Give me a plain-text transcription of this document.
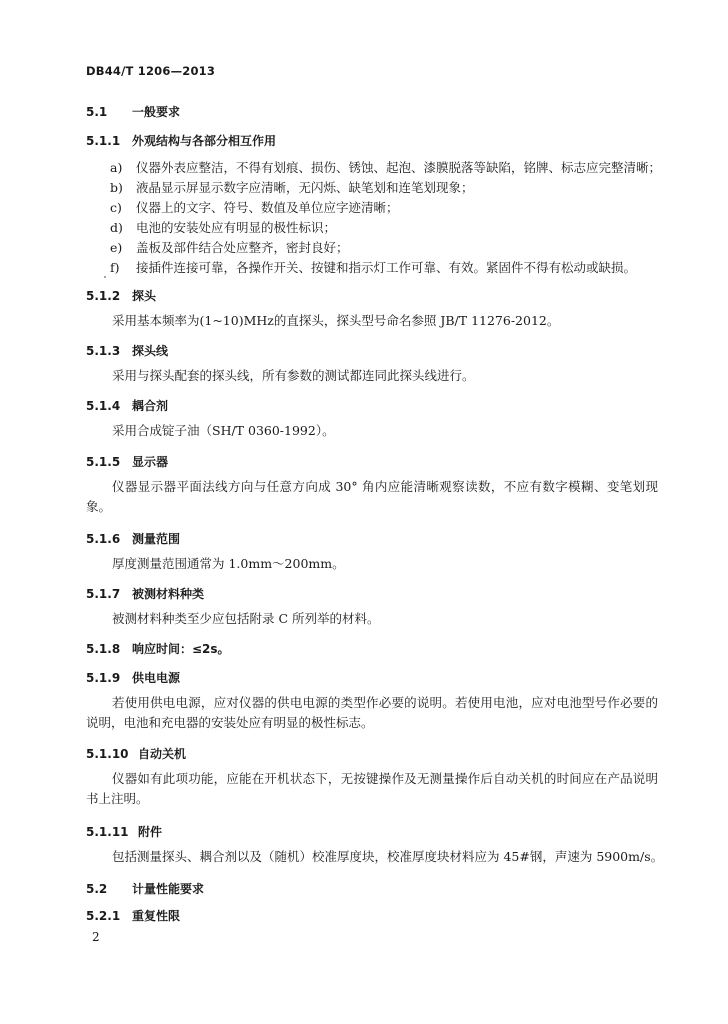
DB44/T 1206—2013
5.1 一般要求
5.1.1 外观结构与各部分相互作用
a) 仪器外表应整洁，不得有划痕、损伤、锈蚀、起泡、漆膜脱落等缺陷，铭牌、标志应完整清晰；
b) 液晶显示屏显示数字应清晰，无闪烁、缺笔划和连笔划现象；
c) 仪器上的文字、符号、数值及单位应字迹清晰；
d) 电池的安装处应有明显的极性标识；
e) 盖板及部件结合处应整齐，密封良好；
f) 接插件连接可靠，各操作开关、按键和指示灯工作可靠、有效。紧固件不得有松动或缺损。
5.1.2 探头
采用基本频率为(1~10)MHz的直探头，探头型号命名参照 JB/T 11276-2012。
5.1.3 探头线
采用与探头配套的探头线，所有参数的测试都连同此探头线进行。
5.1.4 耦合剂
采用合成锭子油（SH/T 0360-1992）。
5.1.5 显示器
仪器显示器平面法线方向与任意方向成 30° 角内应能清晰观察读数，不应有数字模糊、变笔划现象。
5.1.6 测量范围
厚度测量范围通常为 1.0mm～200mm。
5.1.7 被测材料种类
被测材料种类至少应包括附录 C 所列举的材料。
5.1.8 响应时间：≤2s。
5.1.9 供电电源
若使用供电电源，应对仪器的供电电源的类型作必要的说明。若使用电池，应对电池型号作必要的说明，电池和充电器的安装处应有明显的极性标志。
5.1.10 自动关机
仪器如有此项功能，应能在开机状态下，无按键操作及无测量操作后自动关机的时间应在产品说明书上注明。
5.1.11 附件
包括测量探头、耦合剂以及（随机）校准厚度块，校准厚度块材料应为 45#钢，声速为 5900m/s。
5.2 计量性能要求
5.2.1 重复性限
2
